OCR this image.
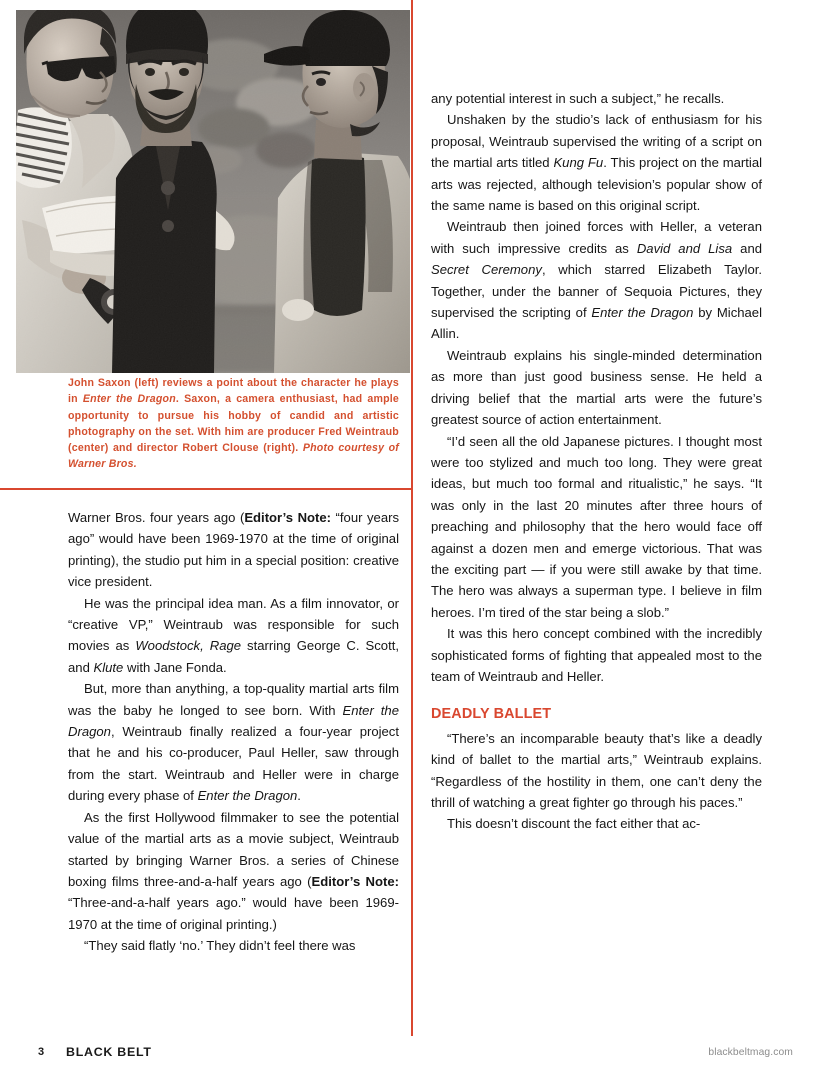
John Saxon (left) reviews a point about the character he plays in Enter the Dragon. Saxon, a camera enthusiast, had ample opportunity to pursue his hobby of candid and artistic photography on the set. With him are producer Fred Weintraub (center) and director Robert Clouse (right). Photo courtesy of Warner Bros.

Warner Bros. four years ago (Editor’s Note: “four years ago” would have been 1969-1970 at the time of original printing), the studio put him in a special position: creative vice president.

He was the principal idea man. As a film innovator, or “creative VP,” Weintraub was responsible for such movies as Woodstock, Rage starring George C. Scott, and Klute with Jane Fonda.

But, more than anything, a top-quality martial arts film was the baby he longed to see born. With Enter the Dragon, Weintraub finally realized a four-year project that he and his co-producer, Paul Heller, saw through from the start. Weintraub and Heller were in charge during every phase of Enter the Dragon.

As the first Hollywood filmmaker to see the potential value of the martial arts as a movie subject, Weintraub started by bringing Warner Bros. a series of Chinese boxing films three-and-a-half years ago (Editor’s Note: “Three-and-a-half years ago.” would have been 1969-1970 at the time of original printing.)

“They said flatly ‘no.’ They didn’t feel there was

any potential interest in such a subject,” he recalls.

Unshaken by the studio’s lack of enthusiasm for his proposal, Weintraub supervised the writing of a script on the martial arts titled Kung Fu. This project on the martial arts was rejected, although television’s popular show of the same name is based on this original script.

Weintraub then joined forces with Heller, a veteran with such impressive credits as David and Lisa and Secret Ceremony, which starred Elizabeth Taylor. Together, under the banner of Sequoia Pictures, they supervised the scripting of Enter the Dragon by Michael Allin.

Weintraub explains his single-minded determination as more than just good business sense. He held a driving belief that the martial arts were the future’s greatest source of action entertainment.

“I’d seen all the old Japanese pictures. I thought most were too stylized and much too long. They were great ideas, but much too formal and ritualistic,” he says. “It was only in the last 20 minutes after three hours of preaching and philosophy that the hero would face off against a dozen men and emerge victorious. That was the exciting part — if you were still awake by that time. The hero was always a superman type. I believe in film heroes. I’m tired of the star being a slob.”

It was this hero concept combined with the incredibly sophisticated forms of fighting that appealed most to the team of Weintraub and Heller.

DEADLY BALLET

“There’s an incomparable beauty that’s like a deadly kind of ballet to the martial arts,” Weintraub explains. “Regardless of the hostility in them, one can’t deny the thrill of watching a great fighter go through his paces.”

This doesn’t discount the fact either that ac-

3 BLACK BELT	blackbeltmag.com
